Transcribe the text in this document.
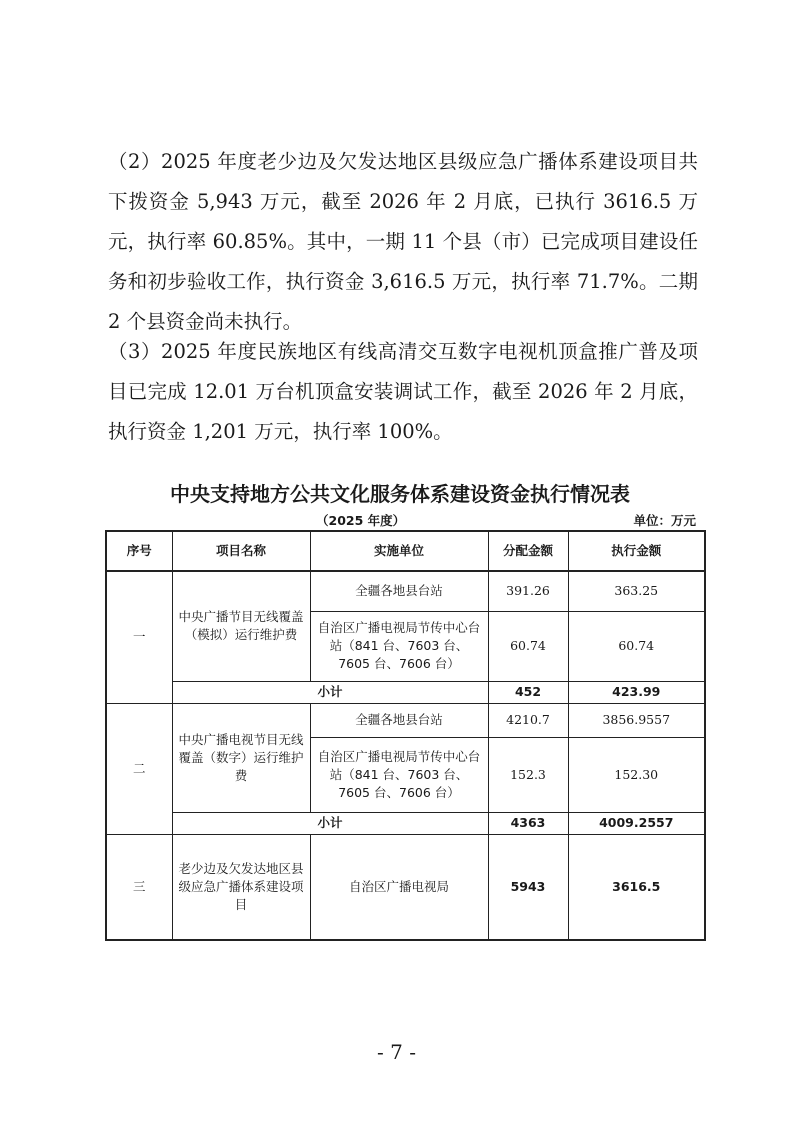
（2）2025 年度老少边及欠发达地区县级应急广播体系建设项目共下拨资金 5,943 万元，截至 2026 年 2 月底，已执行 3616.5 万元，执行率 60.85%。其中，一期 11 个县（市）已完成项目建设任务和初步验收工作，执行资金 3,616.5 万元，执行率 71.7%。二期 2 个县资金尚未执行。

（3）2025 年度民族地区有线高清交互数字电视机顶盒推广普及项目已完成 12.01 万台机顶盒安装调试工作，截至 2026 年 2 月底，执行资金 1,201 万元，执行率 100%。

中央支持地方公共文化服务体系建设资金执行情况表
（2025 年度）	单位：万元
序号	项目名称	实施单位	分配金额	执行金额
一	中央广播节目无线覆盖（模拟）运行维护费	全疆各地县台站	391.26	363.25
		自治区广播电视局节传中心台站（841 台、7603 台、7605 台、7606 台）	60.74	60.74
	小计		452	423.99
二	中央广播电视节目无线覆盖（数字）运行维护费	全疆各地县台站	4210.7	3856.9557
		自治区广播电视局节传中心台站（841 台、7603 台、7605 台、7606 台）	152.3	152.30
	小计		4363	4009.2557
三	老少边及欠发达地区县级应急广播体系建设项目	自治区广播电视局	5943	3616.5
- 7 -
